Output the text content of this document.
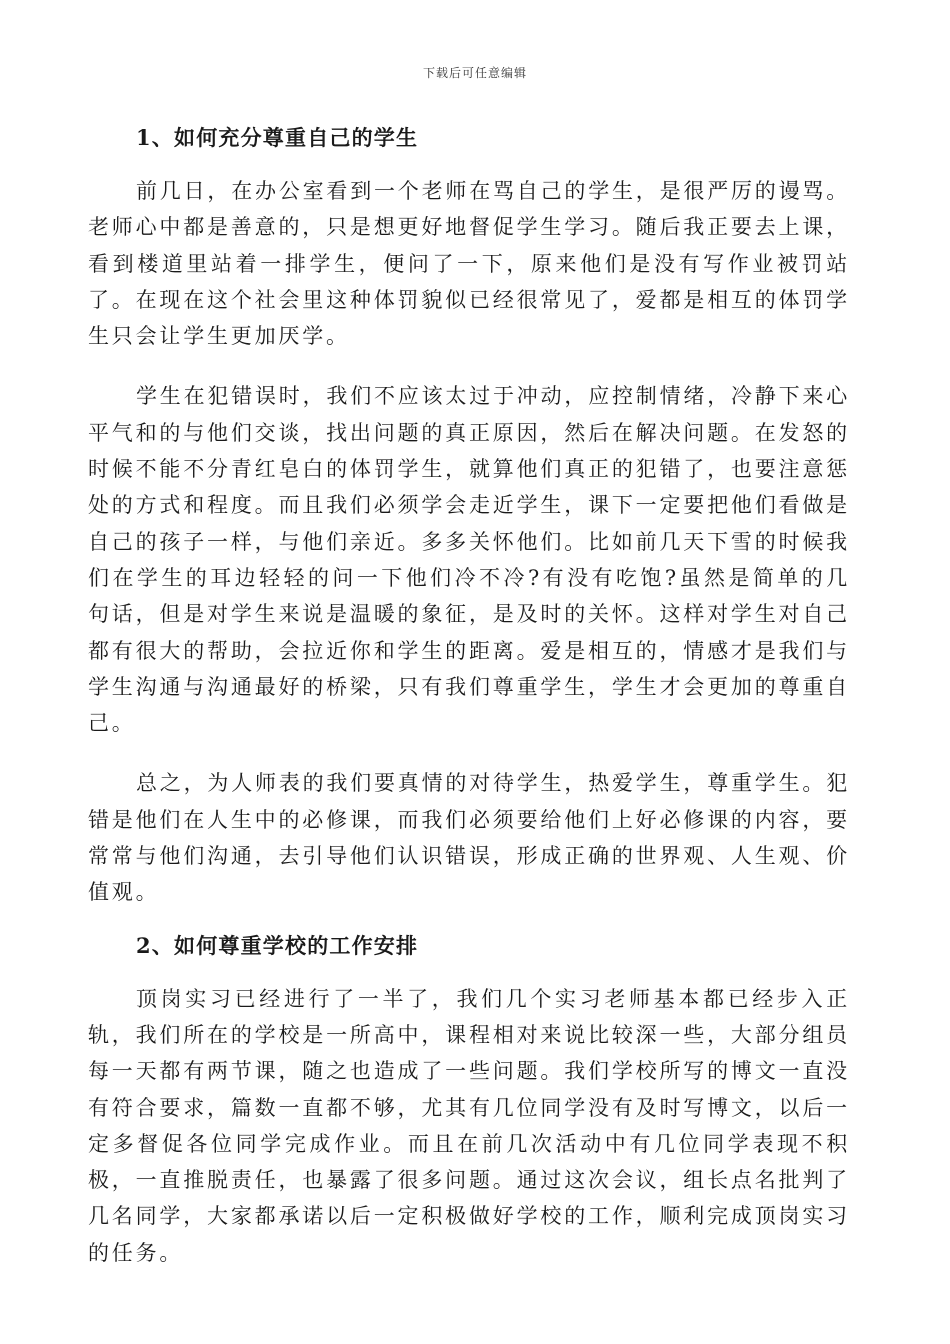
下载后可任意编辑
1、如何充分尊重自己的学生

前几日，在办公室看到一个老师在骂自己的学生，是很严厉的谩骂。老师心中都是善意的，只是想更好地督促学生学习。随后我正要去上课，看到楼道里站着一排学生，便问了一下，原来他们是没有写作业被罚站了。在现在这个社会里这种体罚貌似已经很常见了，爱都是相互的体罚学生只会让学生更加厌学。

学生在犯错误时，我们不应该太过于冲动，应控制情绪，冷静下来心平气和的与他们交谈，找出问题的真正原因，然后在解决问题。在发怒的时候不能不分青红皂白的体罚学生，就算他们真正的犯错了，也要注意惩处的方式和程度。而且我们必须学会走近学生，课下一定要把他们看做是自己的孩子一样，与他们亲近。多多关怀他们。比如前几天下雪的时候我们在学生的耳边轻轻的问一下他们冷不冷?有没有吃饱?虽然是简单的几句话，但是对学生来说是温暖的象征，是及时的关怀。这样对学生对自己都有很大的帮助，会拉近你和学生的距离。爱是相互的，情感才是我们与学生沟通与沟通最好的桥梁，只有我们尊重学生，学生才会更加的尊重自己。

总之，为人师表的我们要真情的对待学生，热爱学生，尊重学生。犯错是他们在人生中的必修课，而我们必须要给他们上好必修课的内容，要常常与他们沟通，去引导他们认识错误，形成正确的世界观、人生观、价值观。

2、如何尊重学校的工作安排

顶岗实习已经进行了一半了，我们几个实习老师基本都已经步入正轨，我们所在的学校是一所高中，课程相对来说比较深一些，大部分组员每一天都有两节课，随之也造成了一些问题。我们学校所写的博文一直没有符合要求，篇数一直都不够，尤其有几位同学没有及时写博文，以后一定多督促各位同学完成作业。而且在前几次活动中有几位同学表现不积极，一直推脱责任，也暴露了很多问题。通过这次会议，组长点名批判了几名同学，大家都承诺以后一定积极做好学校的工作，顺利完成顶岗实习的任务。
